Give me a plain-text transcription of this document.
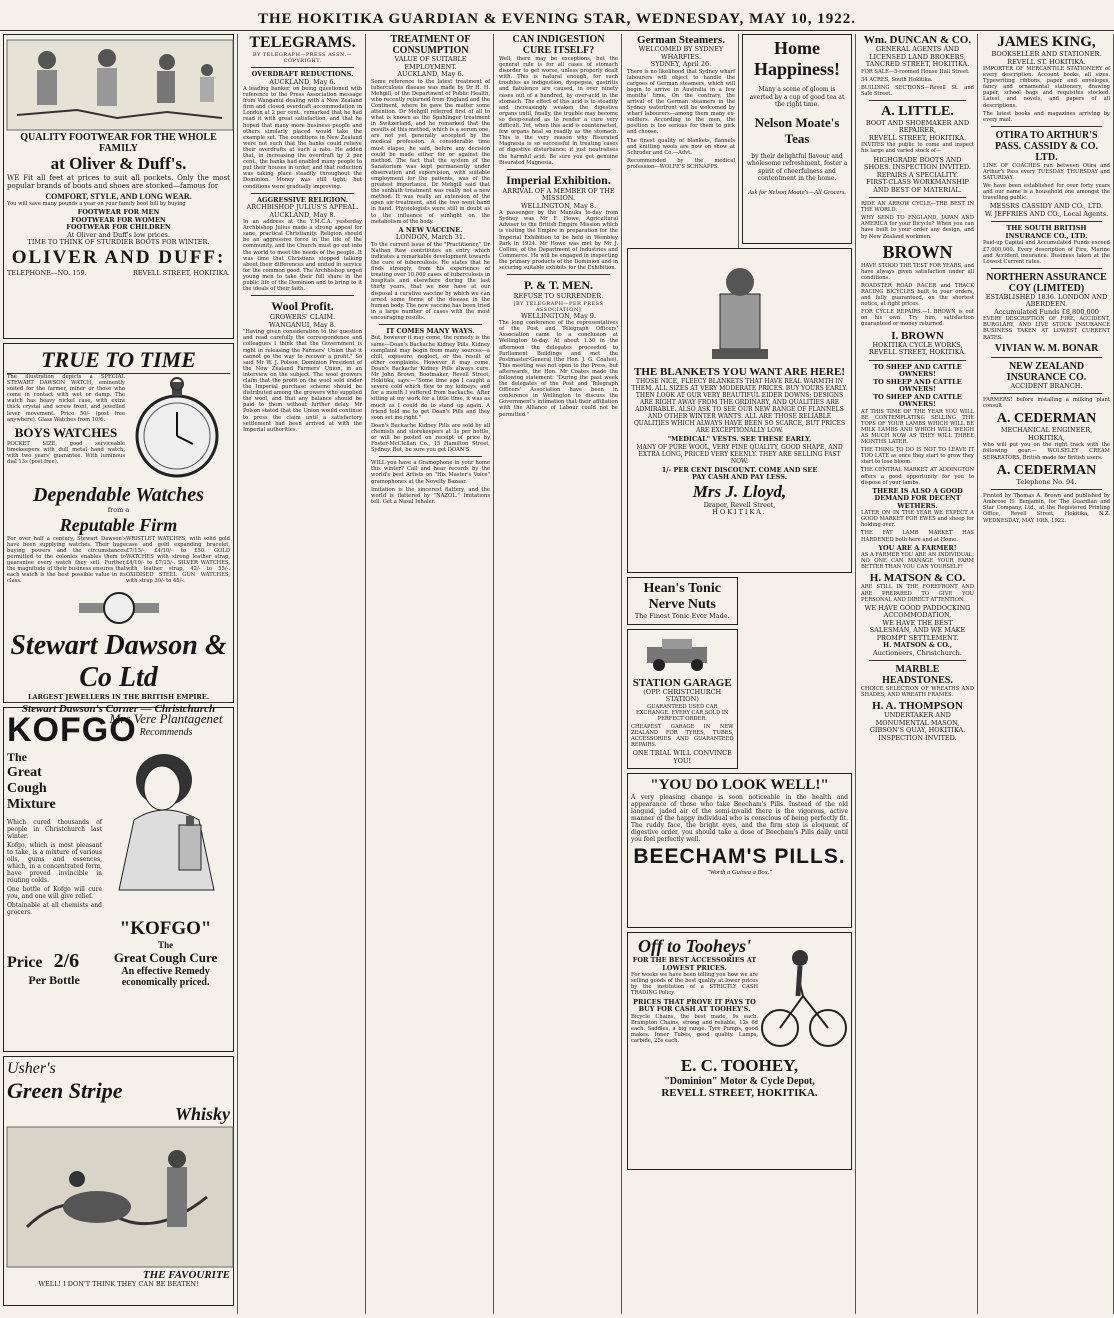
THE HOKITIKA GUARDIAN & EVENING STAR, WEDNESDAY, MAY 10, 1922.
QUALITY FOOTWEAR FOR THE WHOLE FAMILY
at Oliver & Duff's.

WE Fit all feet at prices to suit all pockets. Only the most popular brands of boots and shoes are stocked—famous for

COMFORT, STYLE, AND LONG WEAR.

You will save many pounds a year on your family boot bill by buying

FOOTWEAR FOR MEN
FOOTWEAR FOR WOMEN
FOOTWEAR FOR CHILDREN
At Oliver and Duff's low prices.
TIME TO THINK OF STURDIER BOOTS FOR WINTER.
OLIVER AND DUFF:
TELEPHONE—NO. 159.	REVELL STREET, HOKITIKA.
TRUE TO TIME

The illustration depicts a SPECIAL STEWART DAWSON WATCH, eminently suited for the farmer, miner or those who come in contact with wet or damp. The watch has heavy nickel case, with extra thick crystal and screw front, and jewelled lever movement. Price 50/- (post free anywhere). Glass Watches from 10/6.

BOYS WATCHES

POCKET SIZE, good serviceable timekeepers with dull metal hand watch, with two years' guarantee. With luminous dial 13s (post free).

Dependable Watches
from a
Reputable Firm

For over half a century, Stewart Dawson's have been supplying watches. Their huge buying powers and the circumstances permitted to the colonies enables them to guarantee every watch they sell. Further, the magnitude of their business ensures that each watch is the best possible value in its class.

WRISTLET WATCHES, with solid gold case and gold expanding bracelet, £7/15/-, £4/10/- to £50. GOLD WATCHES with strong leather strap, £4/10/- to £7/15/-. SILVER WATCHES, with leather strap, 42/- to 55/-. OXIDISED STEEL GUN WATCHES, with strap 30/- to 45/-.

Stewart Dawson & Co Ltd
LARGEST JEWELLERS IN THE BRITISH EMPIRE.
Stewart Dawson's Corner — Christchurch
KOFGO
The
Great
Cough
Mixture

Which cured thousands of people in Christchurch last winter.

Kofgo, which is most pleasant to take, is a mixture of various oils, gums and essences, which, in a concentrated form, have proved invincible in routing colds.

One bottle of Kofgo will cure you, and one will give relief.

Obtainable at all chemists and grocers.

Mrs Vere Plantagenet
Recommends
Price 2/6
Per Bottle
"KOFGO"
The
Great Cough Cure
An effective Remedy
economically priced.
Usher's
Green Stripe
Whisky
THE FAVOURITE
WELL! I DON'T THINK THEY CAN BE BEATEN!
TELEGRAMS.
BY TELEGRAPH—PRESS ASSN.—COPYRIGHT.
OVERDRAFT REDUCTIONS.
AUCKLAND, May 6.

A leading banker, on being questioned with reference to the Press Association message from Wanganui dealing with a New Zealand firm and closed overdraft accommodation in London at 2 per cent., remarked that he had read it with great satisfaction, and that he hoped that many more business people and others similarly placed would take the example set. The conditions in New Zealand were not such that the banks could relieve their overdrafts at such a rate. He added that, in increasing the overdraft by 2 per cent., the banks had enabled many people to put their houses in order, and that reduction was taking place steadily throughout the Dominion. Money was still tight, but conditions were gradually improving.

AGGRESSIVE RELIGION.
ARCHBISHOP JULIUS'S APPEAL.
AUCKLAND, May 8.

In an address at the Y.M.C.A. yesterday Archbishop Julius made a strong appeal for sane, practical Christianity. Religion should be an aggressive force in the life of the community, and the Church must go out into the world to meet the needs of the people. It was time that Christians stopped talking about their differences and united in service for the common good. The Archbishop urged young men to take their full share in the public life of the Dominion and to bring to it the ideals of their faith.

Wool Profit.
GROWERS' CLAIM.
WANGANUI, May 8.

"Having given consideration to the question and read carefully the correspondence and colleagues I think that the Government is right in releasing the Farmers' Union that it cannot go the way to recover a profit." So said Mr W. J. Polson, Dominion President of the New Zealand Farmers' Union, in an interview on the subject. The wool growers claim that the profit on the wool sold under the Imperial purchase scheme should be distributed among the growers who supplied the wool, and that any balance should be paid to them without further delay. Mr Polson stated that the Union would continue to press the claim until a satisfactory settlement had been arrived at with the Imperial authorities.

TREATMENT OF CONSUMPTION
VALUE OF SUITABLE EMPLOYMENT.
AUCKLAND, May 6.

Some reference to the latest treatment of tuberculosis disease was made by Dr H. H. Mehgill, of the Department of Public Health, who recently returned from England and the Continent, where he gave the matter some attention. Dr Mehgill referred first of all to what is known as the Spahlinger treatment in Switzerland, and he remarked that the results of this method, which is a serum one, are not yet generally accepted by the medical profession. A considerable time must elapse, he said, before any decision could be made either for or against the method. The fact that the system of the Sanatorium was kept permanently under observation and supervision, with suitable employment for the patients, was of the greatest importance. Dr Mehgill said that the sunbath treatment was really not a new method. It was really an extension of the open air treatment, and the two went hand in hand. Physiologists were still in doubt as to the influence of sunlight on the metabolism of the body.

A NEW VACCINE.
LONDON, March 31.

To the current issue of the "Practitioner," Dr Nathan Raw contributes an entry which indicates a remarkable development towards the cure of tuberculosis. He states that he finds strongly, from his experience of treating over 10,000 cases of tuberculosis in hospitals and elsewhere during the last thirty years, that we now have at our disposal a curative vaccine by which we can arrest some forms of the disease in the human body. The new vaccine has been tried in a large number of cases with the most encouraging results.

IT COMES MANY WAYS.

But, however it may come, the remedy is the same—Doan's Backache Kidney Pills. Kidney complaint may begin from many sources—a chill, exposure, neglect, or the result of other complaints. However it may come, Doan's Backache Kidney Pills always cure. Mr John Brown, Bootmaker, Revell Street, Hokitika, says:—"Some time ago I caught a severe cold which flew to my kidneys, and for a month I suffered from backache. After sitting at my work for a little time, it was as much as I could do to stand up again. A friend told me to get Doan's Pills and they soon set me right."

Doan's Backache Kidney Pills are sold by all chemists and storekeepers at 3s per bottle, or will be posted on receipt of price by Foster-McClellan Co., 15 Hamilton Street, Sydney. But, be sure you get DOAN'S.

WILL you have a Gramophone in your home this winter? Call and hear records by the world's best Artists on "His Master's Voice" gramophones at the Novelty Bazaar.

Imitation is the sincerest flattery, and the world is flattered by "NAZOL." Imitations tell. Get a Nasal Inhaler.

CAN INDIGESTION CURE ITSELF?

Well, there may be exceptions, but the general rule is for all cases of stomach disorder to get worse, unless properly dealt with. This is natural enough, for such troubles as indigestion, dyspepsia, gastritis and flatulence are caused, in over ninety cases out of a hundred, by over-acid in the stomach. The effect of this acid is to steadily and increasingly weaken the digestive organs until, finally, the trouble may become so deep-seated as to render a cure very difficult. Yet, when this acid is counteracted, few organs heal so readily as the stomach. This is the very reason why Bisurated Magnesia is so successful in treating cases of digestive disturbance; it just neutralises the harmful acid. Be sure you get genuine Bisurated Magnesia.

Imperial Exhibition.
ARRIVAL OF A MEMBER OF THE MISSION.
WELLINGTON, May 8.

A passenger by the Manuka to-day from Sydney was Mr F. Howe, Agricultural Adviser to the British Empire Mission which is visiting the Empire in preparation for the Imperial Exhibition to be held in Wembley Park in 1924. Mr Howe was met by Mr J. Collins, of the Department of Industries and Commerce. He will be engaged in inspecting the primary products of the Dominion and in securing suitable exhibits for the Exhibition.

P. & T. MEN.
REFUSE TO SURRENDER.
[BY TELEGRAPH—PER PRESS ASSOCIATION]
WELLINGTON, May 9.

The long conference of the representatives of the Post and Telegraph Officers' Association came to a conclusion at Wellington to-day. At about 1.30 in the afternoon the delegates proceeded to Parliament Buildings and met the Postmaster-General (the Hon. J. G. Coates). This meeting was not open to the Press, but afterwards, the Hon. Mr Coates made the following statement: "During the past week the delegates of the Post and Telegraph Officers' Association have been in conference in Wellington to discuss the Government's intimation that their affiliation with the Alliance of Labour could not be permitted."

German Steamers.
WELCOMED BY SYDNEY WHARFIES.
SYDNEY, April 26.

There is no likelihood that Sydney wharf labourers will object to handle the cargoes of German steamers, which will begin to arrive in Australia in a few months' time. On the contrary, the arrival of the German steamers in the Sydney waterfront will be welcomed by wharf labourers—among them many ex-soldiers. According to the men, the position is too serious for them to pick and choose.

The finest quality of blankets, flannels and knitting wools are now on show at Schroder and Co.—Advt.

Recommended by the medical profession—WOLFE'S SCHNAPPS.

Home Happiness!

Many a scene of gloom is averted by a cup of good tea at the right time.

Nelson Moate's Teas

by their delightful flavour and wholesome refreshment, foster a spirit of cheerfulness and contentment in the home.

Ask for Nelson Moate's—All Grocers.
THE BLANKETS YOU WANT ARE HERE!

THOSE NICE, FLEECY BLANKETS THAT HAVE REAL WARMTH IN THEM. ALL SIZES AT VERY MODERATE PRICES. BUY YOURS EARLY. THEN LOOK AT OUR VERY BEAUTIFUL EIDER DOWNS; DESIGNS ARE RIGHT AWAY FROM THE ORDINARY, AND QUALITIES ARE ADMIRABLE. ALSO ASK TO SEE OUR NEW RANGE OF FLANNELS AND OTHER WINTER WANTS. ALL ARE THOSE RELIABLE QUALITIES WHICH ALWAYS HAVE BEEN SO SCARCE, BUT PRICES ARE EXCEPTIONALLY LOW.

"MEDICAL" VESTS. SEE THESE EARLY.

MANY OF PURE WOOL, VERY FINE QUALITY, GOOD SHAPE, AND EXTRA LONG, PRICED VERY KEENLY. THEY ARE SELLING FAST NOW.

1/- PER CENT DISCOUNT. COME AND SEE
PAY CASH AND PAY LESS.
Mrs J. Lloyd,
Draper, Revell Street,
HOKITIKA.
Hean's Tonic Nerve Nuts
The Finest Tonic Ever Made.
STATION GARAGE
(OPP. CHRISTCHURCH STATION)

GUARANTEED USED CAR EXCHANGE. EVERY CAR SOLD IN PERFECT ORDER.

CHEAPEST GARAGE IN NEW ZEALAND FOR TYRES, TUBES, ACCESSORIES AND GUARANTEED REPAIRS.

ONE TRIAL WILL CONVINCE YOU!
"YOU DO LOOK WELL!"

A very pleasing change is soon noticeable in the health and appearance of those who take Beecham's Pills. Instead of the old languid, jaded air of the semi-invalid there is the vigorous, active manner of the happy individual who is conscious of being perfectly fit. The ruddy face, the bright eyes, and the firm step is eloquent of digestive order, you should take a dose of Beecham's Pills daily until you feel perfectly well.

BEECHAM'S PILLS.
"Worth a Guinea a Box."
Off to Tooheys'
FOR THE BEST ACCESSORIES AT LOWEST PRICES.

For weeks we have been telling you how we are selling goods of the best quality at lower prices by the institution of a STRICTLY CASH TRADING Policy.

PRICES THAT PROVE IT PAYS TO BUY FOR CASH AT TOOHEY'S.

Bicycle Chains, the best made, 9s each. Brampton Chains, strong and reliable, 12s 6d each. Saddles, a big range. Tyre Pumps, good makes. Inner Tubes, good quality. Lamps, carbide, 25s each.

E. C. TOOHEY,
"Dominion" Motor & Cycle Depot,
REVELL STREET, HOKITIKA.
Wm. DUNCAN & CO.
GENERAL AGENTS AND LICENSED LAND BROKERS,
TANCRED STREET, HOKITIKA.

FOR SALE—5-roomed House Hall Street.

34 ACRES, South Hokitika.

BUILDING SECTIONS—Revell St. and Sale Street.

A. LITTLE.
BOOT AND SHOEMAKER AND REPAIRER,
REVELL STREET, HOKITIKA.

INVITES the public to come and inspect his large and varied stock of—

HIGHGRADE BOOTS AND SHOES. INSPECTION INVITED.
REPAIRS A SPECIALITY.
FIRST-CLASS WORKMANSHIP AND BEST OF MATERIAL.

RIDE AN ARROW CYCLE—THE BEST IN THE WORLD.

WHY SEND TO ENGLAND, JAPAN AND AMERICA for your Bicycle? When you can have built to your order any design, and by New Zealand workmen.

BROWN

HAVE STOOD THE TEST FOR YEARS, and have always given satisfaction under all conditions.

ROADSTER ROAD RACER and TRACK RACING BICYCLES built to your orders, and fully guaranteed, on the shortest notice, at right prices.

FOR CYCLE REPAIRS.—I. BROWN is out on his own. Try him, satisfaction guaranteed or money returned.

I. BROWN
HOKITIKA CYCLE WORKS, REVELL STREET, HOKITIKA.
TO SHEEP AND CATTLE OWNERS!
TO SHEEP AND CATTLE OWNERS!
TO SHEEP AND CATTLE OWNERS!

AT THIS TIME OF THE YEAR YOU WILL BE CONTEMPLATING SELLING THE TOPS OF YOUR LAMBS WHICH WILL BE MILK LAMBS AND WHICH WILL WEIGH AS MUCH NOW AS THEY WILL THREE MONTHS LATER.

THE THING TO DO IS NOT TO LEAVE IT TOO LATE as once they start to grow they start to lose bloom.

THE CENTRAL MARKET AT ADDINGTON offers a good opportunity for you to dispose of your lambs.

THERE IS ALSO A GOOD DEMAND FOR DECENT WETHERS.

LATER ON IN THE YEAR WE EXPECT A GOOD MARKET FOR EWES and sheep for holding over.

THE FAT LAMB MARKET HAS HARDENED both here and at Home.

YOU ARE A FARMER!

AS A FARMER YOU ARE AN INDIVIDUAL; NO ONE CAN MANAGE YOUR FARM BETTER THAN YOU CAN YOURSELF!

H. MATSON & CO.

ARE STILL IN THE FOREFRONT AND ARE PREPARED TO GIVE YOU PERSONAL AND DIRECT ATTENTION.

WE HAVE GOOD PADDOCKING ACCOMMODATION.
WE HAVE THE BEST SALESMAN, AND WE MAKE PROMPT SETTLEMENT.
H. MATSON & CO.,
Auctioneers, Christchurch.
MARBLE HEADSTONES.

CHOICE SELECTION OF WREATHS AND SHADES, AND WREATH FRAMES.

H. A. THOMPSON
UNDERTAKER AND MONUMENTAL MASON,
GIBSON'S QUAY, HOKITIKA.
INSPECTION INVITED.
JAMES KING,
BOOKSELLER AND STATIONER. REVELL ST. HOKITIKA.

IMPORTER OF MERCANTILE STATIONERY of every description. Account books, all sizes. Typewriting ribbons, paper and envelopes, fancy and ornamental stationery, drawing paper, school bags and requisites stocked. Latest and novels, and papers of all descriptions.

The latest books and magazines arriving by every mail.

OTIRA TO ARTHUR'S PASS. CASSIDY & CO. LTD.

LINE OF COACHES run between Otira and Arthur's Pass every TUESDAY, THURSDAY and SATURDAY.

We have been established for over forty years and our name is a household one amongst the travelling public.

MESSRS CASSIDY AND CO., LTD.
W. JEFFRIES AND CO., Local Agents.
THE SOUTH BRITISH INSURANCE CO., LTD.

Paid-up Capital and Accumulated Funds exceed £7,000,000. Every description of Fire, Marine and Accident insurance. Business taken at the Lowest Current rates.

NORTHERN ASSURANCE COY (LIMITED)
ESTABLISHED 1836. LONDON AND ABERDEEN.
Accumulated Funds £8,800,000

EVERY DESCRIPTION OF FIRE, ACCIDENT, BURGLARY, AND LIVE STOCK INSURANCE BUSINESS TAKEN AT LOWEST CURRENT RATES.

VIVIAN W. M. BONAR
NEW ZEALAND INSURANCE CO.
ACCIDENT BRANCH.

FARMERS! before installing a milking plant consult

A. CEDERMAN
MECHANICAL ENGINEER, HOKITIKA,

who will put you on the right track with the following gear:— WOLSELEY CREAM SEPARATORS, British made for British users.

A. CEDERMAN
Telephone No. 94.

Printed by Thomas A. Brown and published by Ambrose H. Benjamin, for The Guardian and Star Company, Ltd., at the Registered Printing Office, Revell Street, Hokitika, N.Z. WEDNESDAY, MAY 10th, 1922.
